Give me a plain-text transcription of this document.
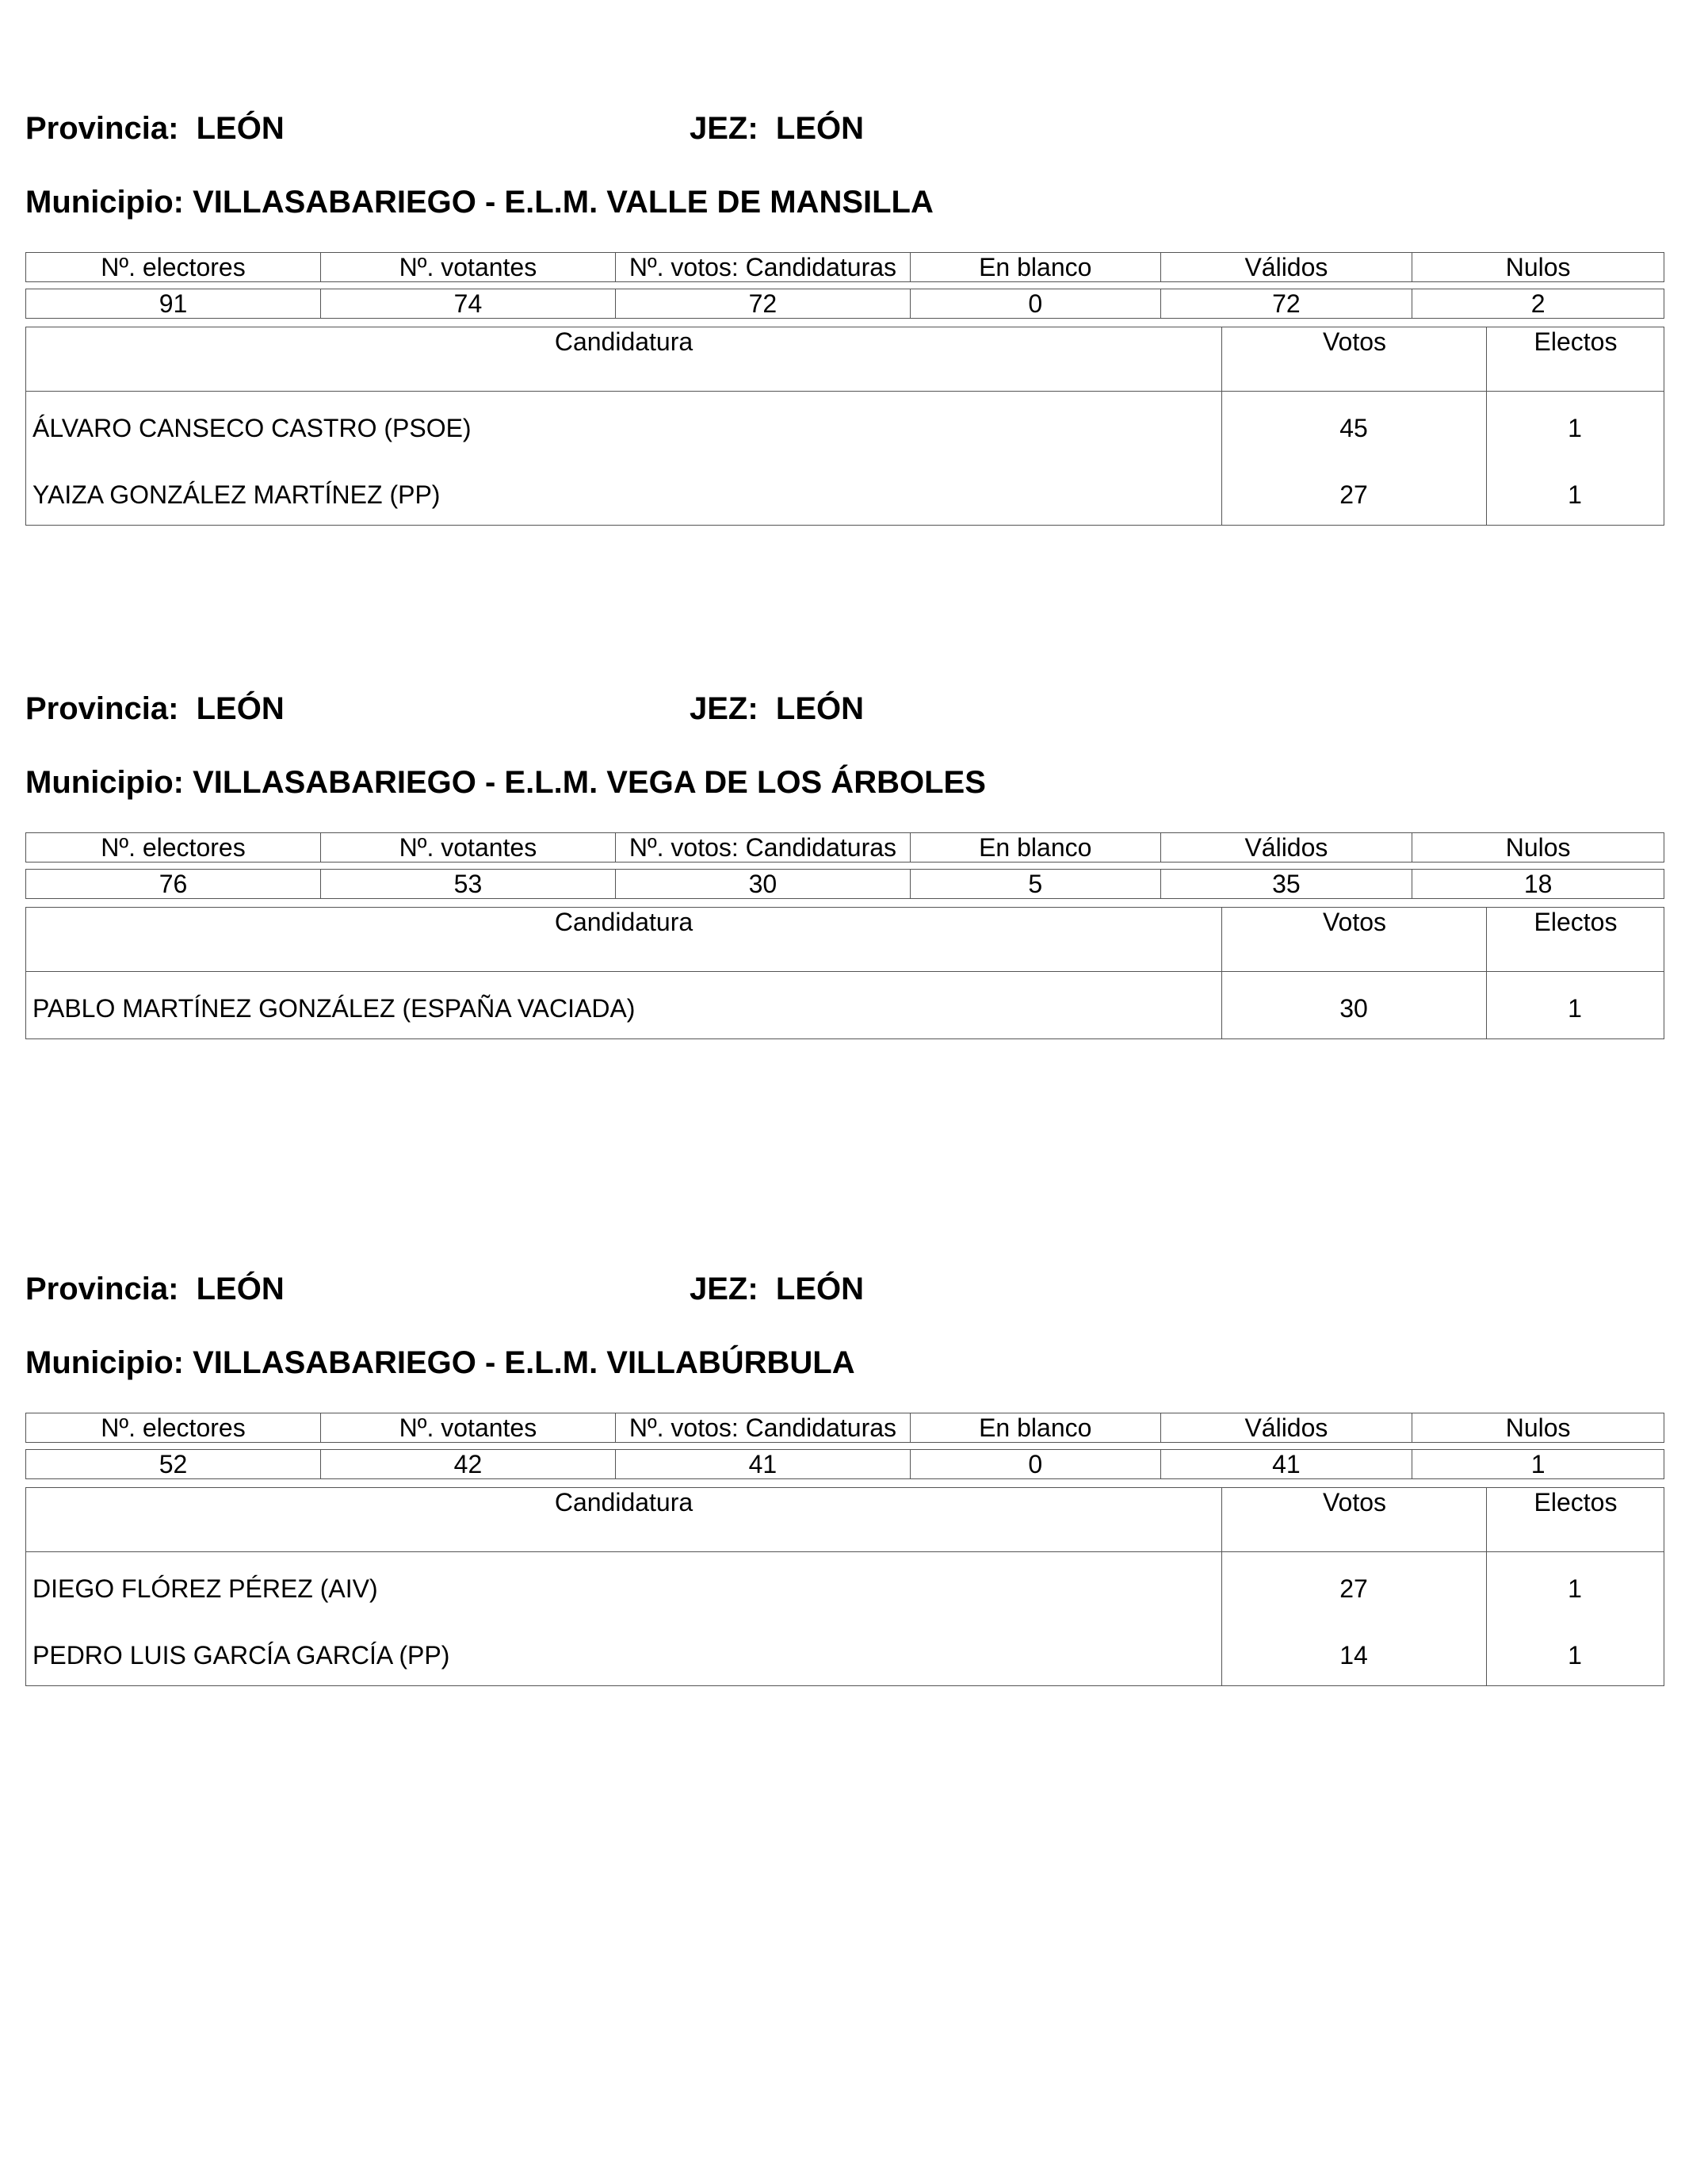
Provincia:  LEÓN	JEZ:  LEÓN
Municipio: VILLASABARIEGO - E.L.M. VALLE DE MANSILLA
Nº. electores	Nº. votantes	Nº. votos: Candidaturas	En blanco	Válidos	Nulos

91	74	72	0	72	2
Candidatura	Votos	Electos
ÁLVARO CANSECO CASTRO (PSOE)	45	1
YAIZA GONZÁLEZ MARTÍNEZ (PP)	27	1
Provincia:  LEÓN	JEZ:  LEÓN
Municipio: VILLASABARIEGO - E.L.M. VEGA DE LOS ÁRBOLES
Nº. electores	Nº. votantes	Nº. votos: Candidaturas	En blanco	Válidos	Nulos

76	53	30	5	35	18
Candidatura	Votos	Electos
PABLO MARTÍNEZ GONZÁLEZ (ESPAÑA VACIADA)	30	1
Provincia:  LEÓN	JEZ:  LEÓN
Municipio: VILLASABARIEGO - E.L.M. VILLABÚRBULA
Nº. electores	Nº. votantes	Nº. votos: Candidaturas	En blanco	Válidos	Nulos

52	42	41	0	41	1
Candidatura	Votos	Electos
DIEGO FLÓREZ PÉREZ (AIV)	27	1
PEDRO LUIS GARCÍA GARCÍA (PP)	14	1
